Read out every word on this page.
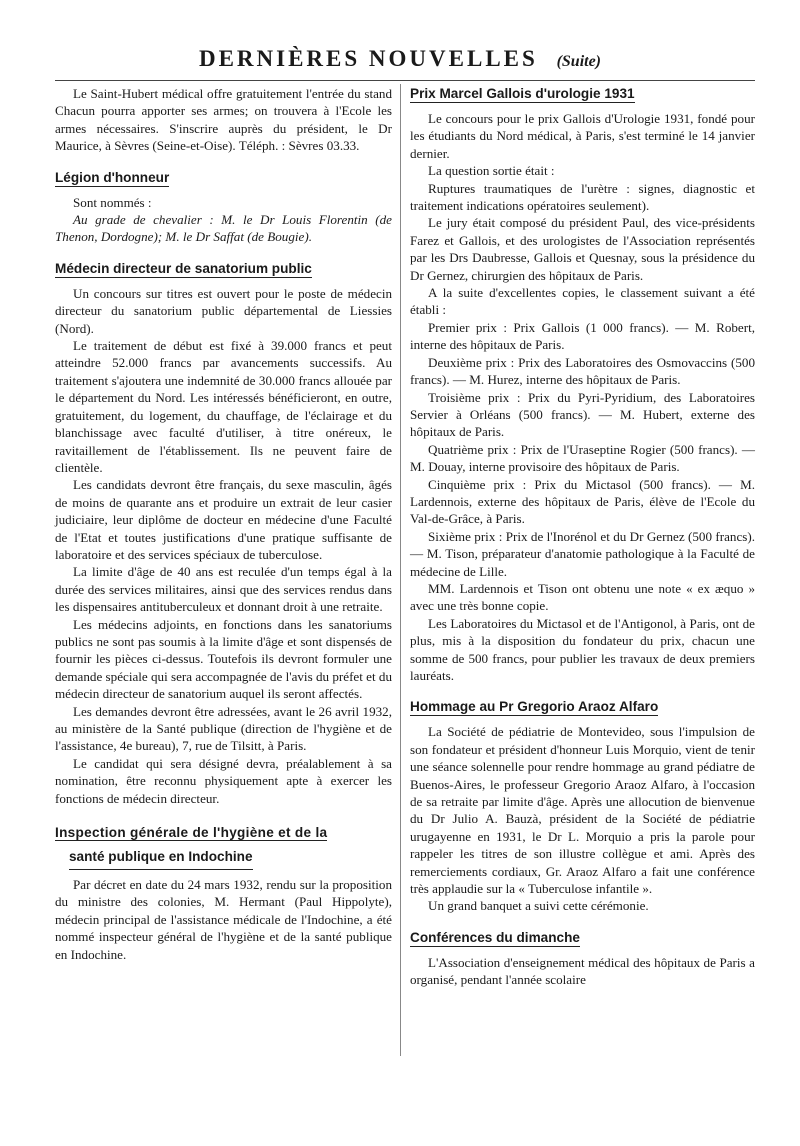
DERNIÈRES NOUVELLES (Suite)

Le Saint-Hubert médical offre gratuitement l'entrée du stand Chacun pourra apporter ses armes; on trouvera à l'Ecole les armes nécessaires. S'inscrire auprès du président, le Dr Maurice, à Sèvres (Seine-et-Oise). Téléph. : Sèvres 03.33.

Légion d'honneur

Sont nommés :

Au grade de chevalier : M. le Dr Louis Florentin (de Thenon, Dordogne); M. le Dr Saffat (de Bougie).

Médecin directeur de sanatorium public

Un concours sur titres est ouvert pour le poste de médecin directeur du sanatorium public départemental de Liessies (Nord).

Le traitement de début est fixé à 39.000 francs et peut atteindre 52.000 francs par avancements successifs. Au traitement s'ajoutera une indemnité de 30.000 francs allouée par le département du Nord. Les intéressés bénéficieront, en outre, gratuitement, du logement, du chauffage, de l'éclairage et du blanchissage avec faculté d'utiliser, à titre onéreux, le ravitaillement de l'établissement. Ils ne peuvent faire de clientèle.

Les candidats devront être français, du sexe masculin, âgés de moins de quarante ans et produire un extrait de leur casier judiciaire, leur diplôme de docteur en médecine d'une Faculté de l'Etat et toutes justifications d'une pratique suffisante de laboratoire et des services spéciaux de tuberculose.

La limite d'âge de 40 ans est reculée d'un temps égal à la durée des services militaires, ainsi que des services rendus dans les dispensaires antituberculeux et donnant droit à une retraite.

Les médecins adjoints, en fonctions dans les sanatoriums publics ne sont pas soumis à la limite d'âge et sont dispensés de fournir les pièces ci-dessus. Toutefois ils devront formuler une demande spéciale qui sera accompagnée de l'avis du préfet et du médecin directeur de sanatorium auquel ils seront affectés.

Les demandes devront être adressées, avant le 26 avril 1932, au ministère de la Santé publique (direction de l'hygiène et de l'assistance, 4e bureau), 7, rue de Tilsitt, à Paris.

Le candidat qui sera désigné devra, préalablement à sa nomination, être reconnu physiquement apte à exercer les fonctions de médecin directeur.

Inspection générale de l'hygiène et de la
santé publique en Indochine

Par décret en date du 24 mars 1932, rendu sur la proposition du ministre des colonies, M. Hermant (Paul Hippolyte), médecin principal de l'assistance médicale de l'Indochine, a été nommé inspecteur général de l'hygiène et de la santé publique en Indochine.

Prix Marcel Gallois d'urologie 1931

Le concours pour le prix Gallois d'Urologie 1931, fondé pour les étudiants du Nord médical, à Paris, s'est terminé le 14 janvier dernier.

La question sortie était :

Ruptures traumatiques de l'urètre : signes, diagnostic et traitement indications opératoires seulement).

Le jury était composé du président Paul, des vice-présidents Farez et Gallois, et des urologistes de l'Association représentés par les Drs Daubresse, Gallois et Quesnay, sous la présidence du Dr Gernez, chirurgien des hôpitaux de Paris.

A la suite d'excellentes copies, le classement suivant a été établi :

Premier prix : Prix Gallois (1 000 francs). — M. Robert, interne des hôpitaux de Paris.

Deuxième prix : Prix des Laboratoires des Osmovaccins (500 francs). — M. Hurez, interne des hôpitaux de Paris.

Troisième prix : Prix du Pyri-Pyridium, des Laboratoires Servier à Orléans (500 francs). — M. Hubert, externe des hôpitaux de Paris.

Quatrième prix : Prix de l'Uraseptine Rogier (500 francs). — M. Douay, interne provisoire des hôpitaux de Paris.

Cinquième prix : Prix du Mictasol (500 francs). — M. Lardennois, externe des hôpitaux de Paris, élève de l'Ecole du Val-de-Grâce, à Paris.

Sixième prix : Prix de l'Inorénol et du Dr Gernez (500 francs). — M. Tison, préparateur d'anatomie pathologique à la Faculté de médecine de Lille.

MM. Lardennois et Tison ont obtenu une note « ex æquo » avec une très bonne copie.

Les Laboratoires du Mictasol et de l'Antigonol, à Paris, ont de plus, mis à la disposition du fondateur du prix, chacun une somme de 500 francs, pour publier les travaux de deux premiers lauréats.

Hommage au Pr Gregorio Araoz Alfaro

La Société de pédiatrie de Montevideo, sous l'impulsion de son fondateur et président d'honneur Luis Morquio, vient de tenir une séance solennelle pour rendre hommage au grand pédiatre de Buenos-Aires, le professeur Gregorio Araoz Alfaro, à l'occasion de sa retraite par limite d'âge. Après une allocution de bienvenue du Dr Julio A. Bauzà, président de la Société de pédiatrie urugayenne en 1931, le Dr L. Morquio a pris la parole pour rappeler les titres de son illustre collègue et ami. Après des remerciements cordiaux, Gr. Araoz Alfaro a fait une conférence très applaudie sur la « Tuberculose infantile ».

Un grand banquet a suivi cette cérémonie.

Conférences du dimanche

L'Association d'enseignement médical des hôpitaux de Paris a organisé, pendant l'année scolaire
